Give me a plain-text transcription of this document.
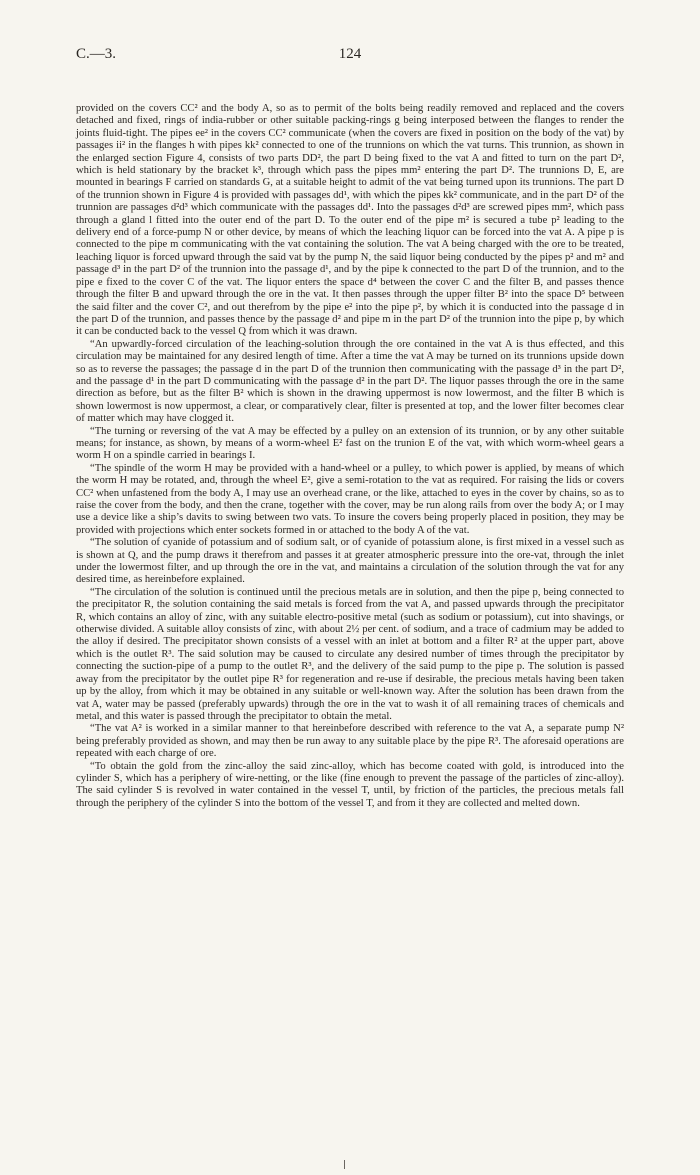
C.—3.	124

provided on the covers CC² and the body A, so as to permit of the bolts being readily removed and replaced and the covers detached and fixed, rings of india-rubber or other suitable packing-rings g being interposed between the flanges to render the joints fluid-tight. The pipes ee² in the covers CC² communicate (when the covers are fixed in position on the body of the vat) by passages ii² in the flanges h with pipes kk² connected to one of the trunnions on which the vat turns. This trunnion, as shown in the enlarged section Figure 4, consists of two parts DD², the part D being fixed to the vat A and fitted to turn on the part D², which is held stationary by the bracket k³, through which pass the pipes mm² entering the part D². The trunnions D, E, are mounted in bearings F carried on standards G, at a suitable height to admit of the vat being turned upon its trunnions. The part D of the trunnion shown in Figure 4 is provided with passages dd¹, with which the pipes kk² communicate, and in the part D² of the trunnion are passages d²d³ which communicate with the passages dd¹. Into the passages d²d³ are screwed pipes mm², which pass through a gland l fitted into the outer end of the part D. To the outer end of the pipe m² is secured a tube p² leading to the delivery end of a force-pump N or other device, by means of which the leaching liquor can be forced into the vat A. A pipe p is connected to the pipe m communicating with the vat containing the solution. The vat A being charged with the ore to be treated, leaching liquor is forced upward through the said vat by the pump N, the said liquor being conducted by the pipes p² and m² and passage d³ in the part D² of the trunnion into the passage d¹, and by the pipe k connected to the part D of the trunnion, and to the pipe e fixed to the cover C of the vat. The liquor enters the space d⁴ between the cover C and the filter B, and passes thence through the filter B and upward through the ore in the vat. It then passes through the upper filter B² into the space D⁵ between the said filter and the cover C², and out therefrom by the pipe e² into the pipe p², by which it is conducted into the passage d in the part D of the trunnion, and passes thence by the passage d² and pipe m in the part D² of the trunnion into the pipe p, by which it can be conducted back to the vessel Q from which it was drawn.

“An upwardly-forced circulation of the leaching-solution through the ore contained in the vat A is thus effected, and this circulation may be maintained for any desired length of time. After a time the vat A may be turned on its trunnions upside down so as to reverse the passages; the passage d in the part D of the trunnion then communicating with the passage d³ in the part D², and the passage d¹ in the part D communicating with the passage d² in the part D². The liquor passes through the ore in the same direction as before, but as the filter B² which is shown in the drawing uppermost is now lowermost, and the filter B which is shown lowermost is now uppermost, a clear, or comparatively clear, filter is presented at top, and the lower filter becomes clear of matter which may have clogged it.

“The turning or reversing of the vat A may be effected by a pulley on an extension of its trunnion, or by any other suitable means; for instance, as shown, by means of a worm-wheel E² fast on the trunion E of the vat, with which worm-wheel gears a worm H on a spindle carried in bearings I.

“The spindle of the worm H may be provided with a hand-wheel or a pulley, to which power is applied, by means of which the worm H may be rotated, and, through the wheel E², give a semi-rotation to the vat as required. For raising the lids or covers CC² when unfastened from the body A, I may use an overhead crane, or the like, attached to eyes in the cover by chains, so as to raise the cover from the body, and then the crane, together with the cover, may be run along rails from over the body A; or I may use a device like a ship’s davits to swing between two vats. To insure the covers being properly placed in position, they may be provided with projections which enter sockets formed in or attached to the body A of the vat.

“The solution of cyanide of potassium and of sodium salt, or of cyanide of potassium alone, is first mixed in a vessel such as is shown at Q, and the pump draws it therefrom and passes it at greater atmospheric pressure into the ore-vat, through the inlet under the lowermost filter, and up through the ore in the vat, and maintains a circulation of the solution through the vat for any desired time, as hereinbefore explained.

“The circulation of the solution is continued until the precious metals are in solution, and then the pipe p, being connected to the precipitator R, the solution containing the said metals is forced from the vat A, and passed upwards through the precipitator R, which contains an alloy of zinc, with any suitable electro-positive metal (such as sodium or potassium), cut into shavings, or otherwise divided. A suitable alloy consists of zinc, with about 2½ per cent. of sodium, and a trace of cadmium may be added to the alloy if desired. The precipitator shown consists of a vessel with an inlet at bottom and a filter R² at the upper part, above which is the outlet R³. The said solution may be caused to circulate any desired number of times through the precipitator by connecting the suction-pipe of a pump to the outlet R³, and the delivery of the said pump to the pipe p. The solution is passed away from the precipitator by the outlet pipe R³ for regeneration and re-use if desirable, the precious metals having been taken up by the alloy, from which it may be obtained in any suitable or well-known way. After the solution has been drawn from the vat A, water may be passed (preferably upwards) through the ore in the vat to wash it of all remaining traces of chemicals and metal, and this water is passed through the precipitator to obtain the metal.

“The vat A² is worked in a similar manner to that hereinbefore described with reference to the vat A, a separate pump N² being preferably provided as shown, and may then be run away to any suitable place by the pipe R³. The aforesaid operations are repeated with each charge of ore.

“To obtain the gold from the zinc-alloy the said zinc-alloy, which has become coated with gold, is introduced into the cylinder S, which has a periphery of wire-netting, or the like (fine enough to prevent the passage of the particles of zinc-alloy). The said cylinder S is revolved in water contained in the vessel T, until, by friction of the particles, the precious metals fall through the periphery of the cylinder S into the bottom of the vessel T, and from it they are collected and melted down.
